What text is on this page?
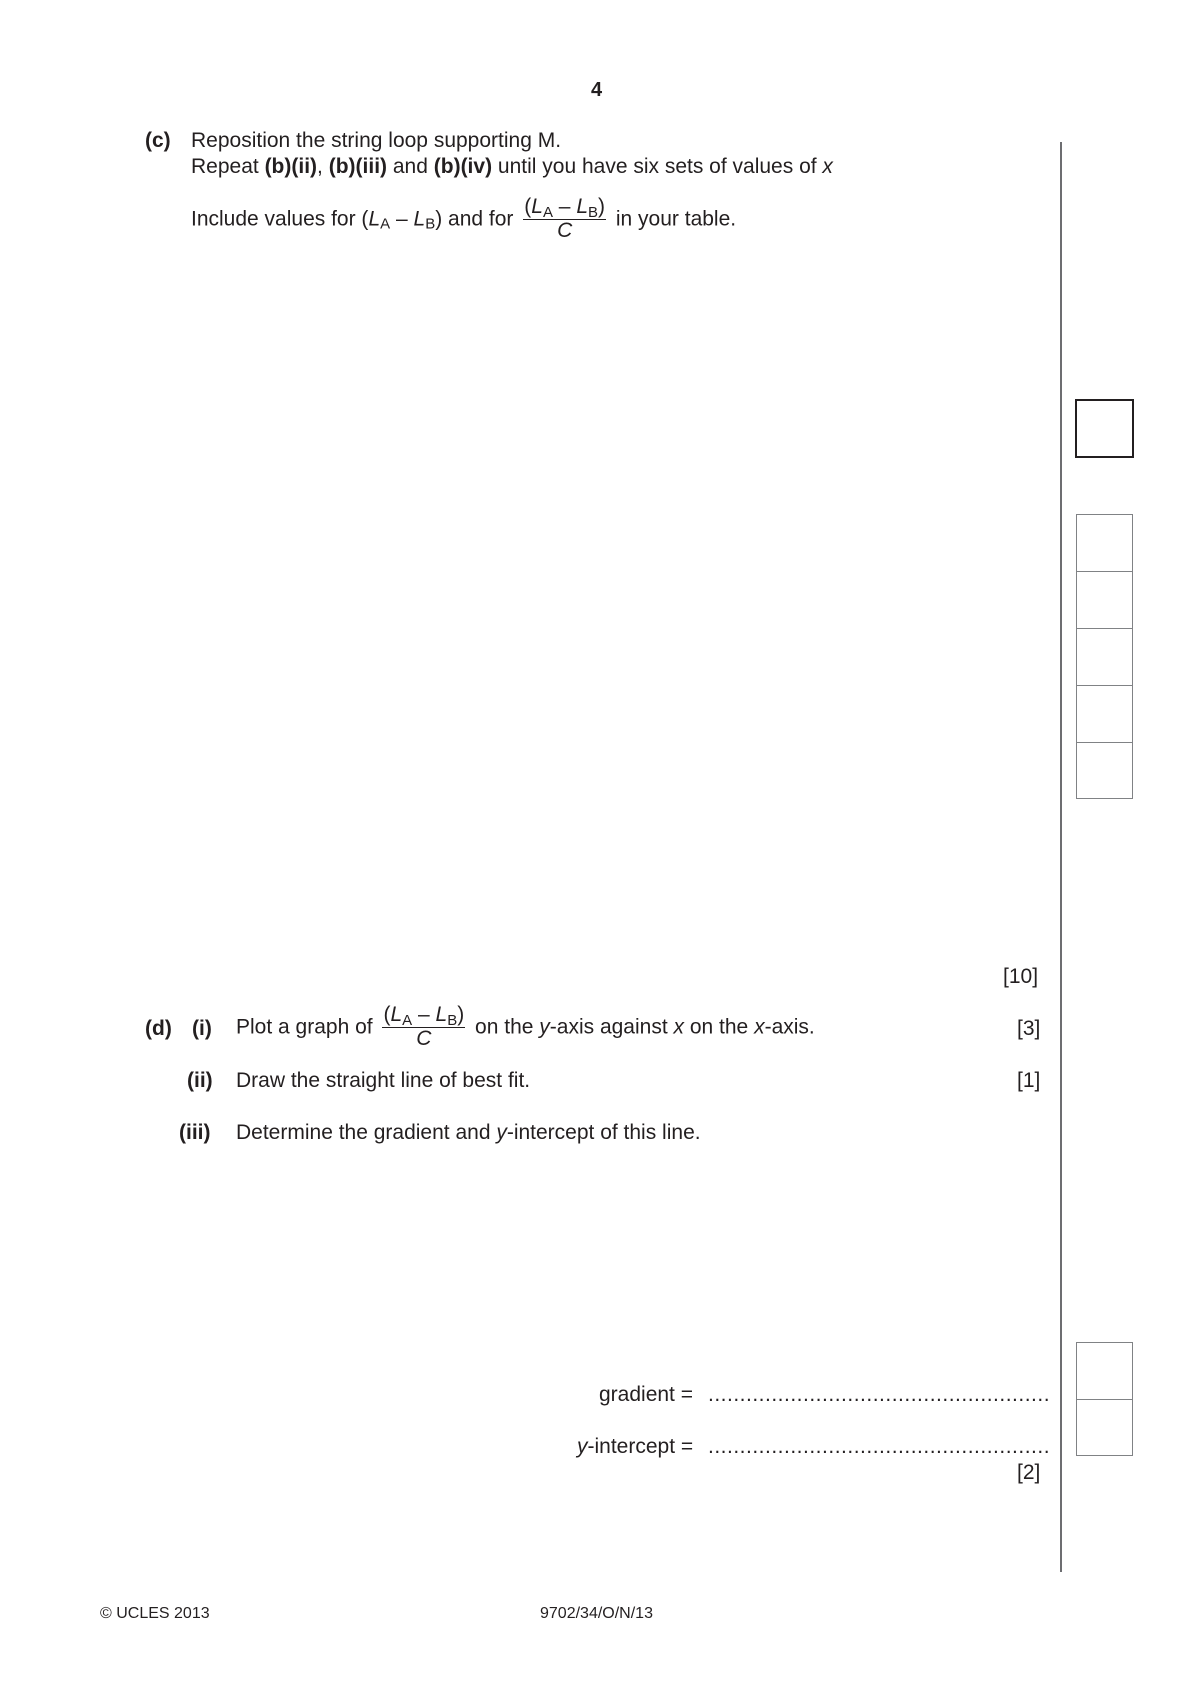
4
(c) Reposition the string loop supporting M.
Repeat (b)(ii), (b)(iii) and (b)(iv) until you have six sets of values of x
Include values for $(L_A - L_B)$ and for $\frac{(L_A - L_B)}{C}$ in your table.
[10]
(d) (i) Plot a graph of $\frac{(L_A - L_B)}{C}$ on the y-axis against x on the x-axis.	[3]
(ii) Draw the straight line of best fit.	[1]
(iii) Determine the gradient and y-intercept of this line.
gradient = ......................................................
y-intercept = ......................................................
[2]
© UCLES 2013	9702/34/O/N/13
